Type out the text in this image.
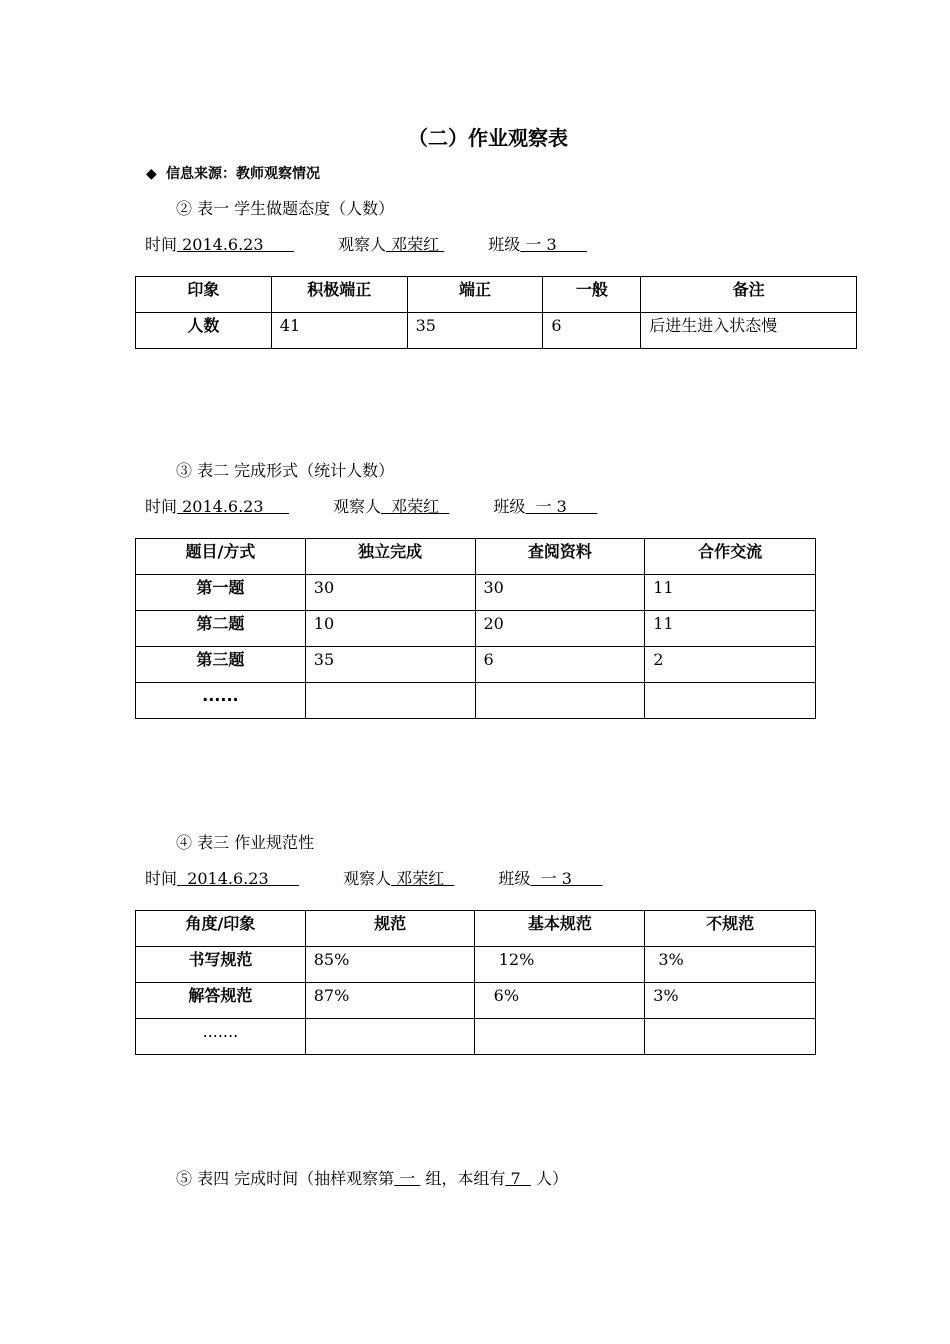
（二）作业观察表
◆ 信息来源：教师观察情况
② 表一 学生做题态度（人数）
时间 2014.6.23	观察人 邓荣红	班级 一 3
印象	积极端正	端正	一般	备注
人数	41	35	6	后进生进入状态慢
③ 表二 完成形式（统计人数）
时间 2014.6.23	观察人  邓荣红	班级  一 3
题目/方式	独立完成	查阅资料	合作交流
第一题	30	30	11
第二题	10	20	11
第三题	35	6	2
......			
④ 表三 作业规范性
时间  2014.6.23	观察人 邓荣红	班级  一 3
角度/印象	规范	基本规范	不规范
书写规范	85%	12%	3%
解答规范	87%	6%	3%
.......			
⑤ 表四 完成时间（抽样观察第 一  组，本组有 7   人）
